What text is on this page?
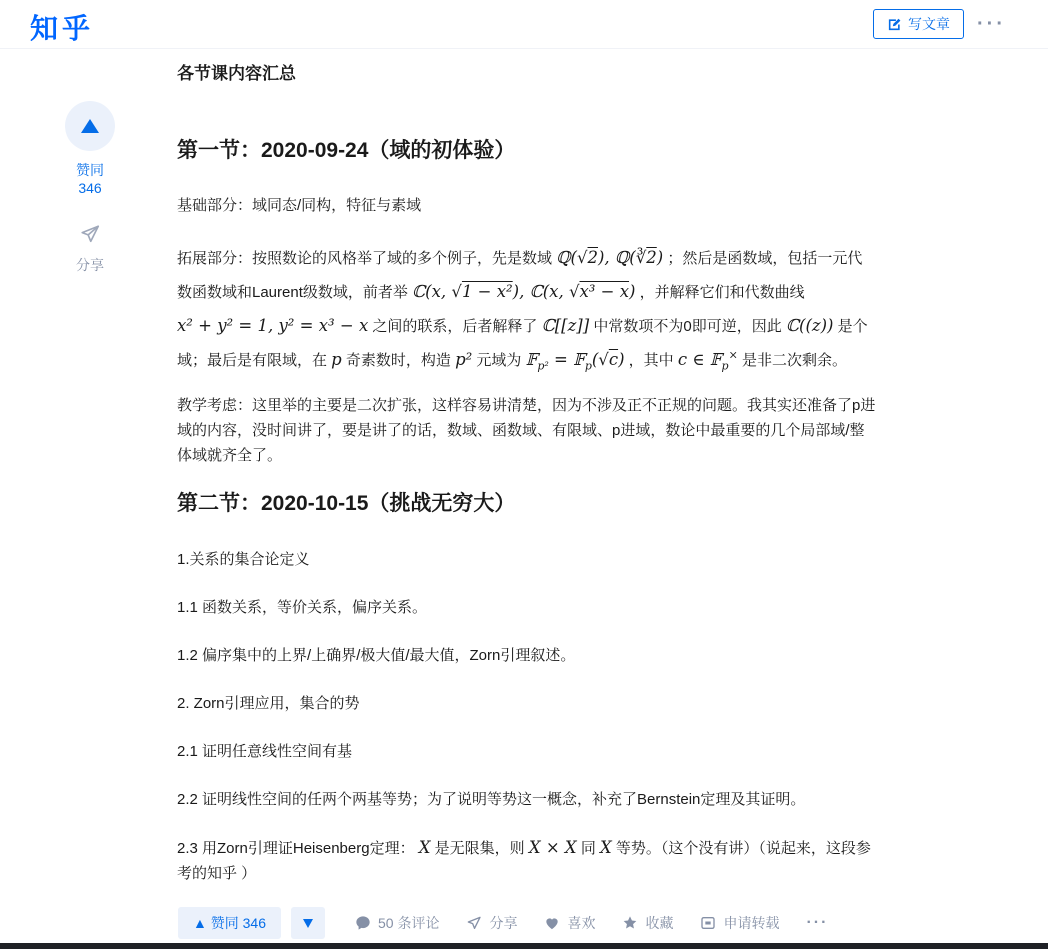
知乎	写文章 ···
赞同 346
分享
各节课内容汇总
第一节：2020-09-24（域的初体验）

基础部分：域同态/同构，特征与素域

拓展部分：按照数论的风格举了域的多个例子，先是数域 ℚ(√2), ℚ(∛2) ；然后是函数域，包括一元代数函数域和Laurent级数域，前者举 ℂ(x, √1 − x²), ℂ(x, √x³ − x) ，并解释它们和代数曲线 x² + y² = 1, y² = x³ − x 之间的联系，后者解释了 ℂ[[z]] 中常数项不为0即可逆，因此 ℂ((z)) 是个域；最后是有限域，在 p 奇素数时，构造 p² 元域为 𝔽$_{p^2}$ = 𝔽$_p$(√c) ，其中 c ∈ 𝔽$_p$× 是非二次剩余。

教学考虑：这里举的主要是二次扩张，这样容易讲清楚，因为不涉及正不正规的问题。我其实还准备了p进域的内容，没时间讲了，要是讲了的话，数域、函数域、有限域、p进域，数论中最重要的几个局部域/整体域就齐全了。

第二节：2020-10-15（挑战无穷大）

1.关系的集合论定义

1.1 函数关系，等价关系，偏序关系。

1.2 偏序集中的上界/上确界/极大值/最大值，Zorn引理叙述。

2. Zorn引理应用，集合的势

2.1 证明任意线性空间有基

2.2 证明线性空间的任两个两基等势；为了说明等势这一概念，补充了Bernstein定理及其证明。

2.3 用Zorn引理证Heisenberg定理： X 是无限集，则 X × X 同 X 等势。（这个没有讲）（说起来，这段参考的知乎 ）

▲ 赞同 346	50 条评论	分享	喜欢	收藏	申请转载 ···
